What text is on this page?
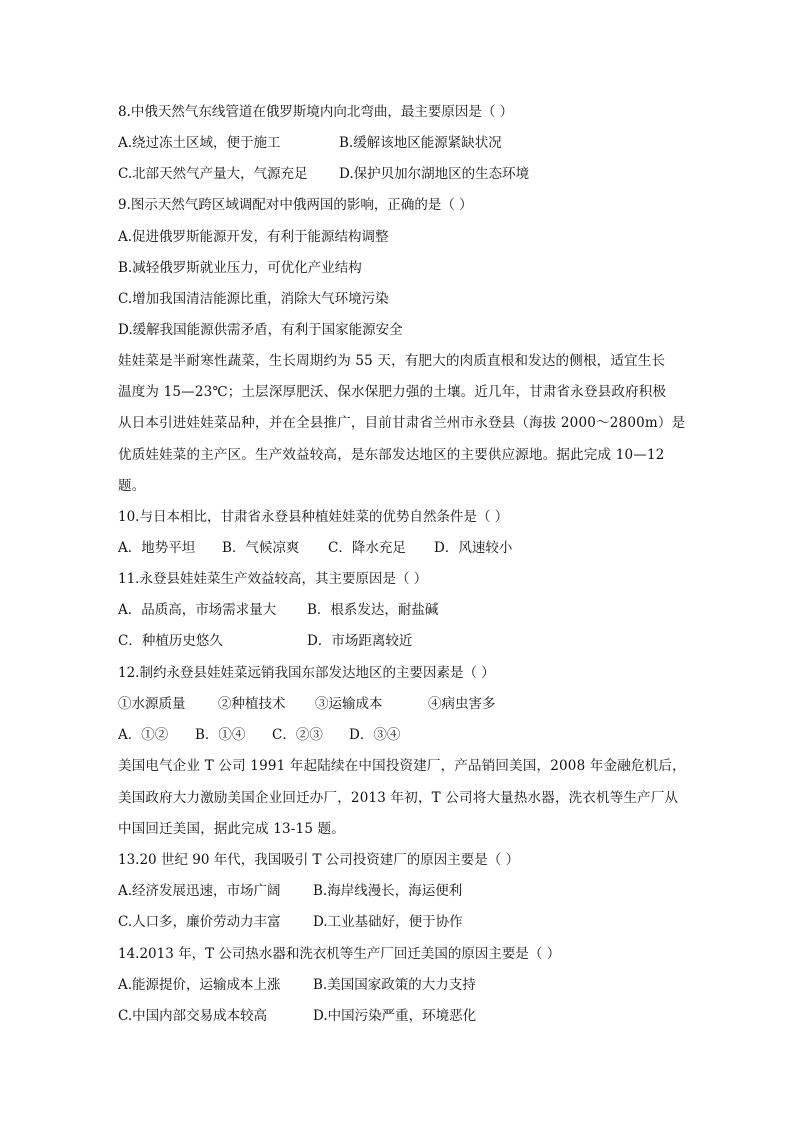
8.中俄天然气东线管道在俄罗斯境内向北弯曲，最主要原因是（ ）
A.绕过冻土区域，便于施工	B.缓解该地区能源紧缺状况
C.北部天然气产量大，气源充足 D.保护贝加尔湖地区的生态环境
9.图示天然气跨区域调配对中俄两国的影响，正确的是（ ）
A.促进俄罗斯能源开发，有利于能源结构调整
B.减轻俄罗斯就业压力，可优化产业结构
C.增加我国清洁能源比重，消除大气环境污染
D.缓解我国能源供需矛盾，有利于国家能源安全
娃娃菜是半耐寒性蔬菜，生长周期约为 55 天，有肥大的肉质直根和发达的侧根，适宜生长
温度为 15—23℃；土层深厚肥沃、保水保肥力强的土壤。近几年，甘肃省永登县政府积极
从日本引进娃娃菜品种，并在全县推广，目前甘肃省兰州市永登县（海拔 2000～2800m）是
优质娃娃菜的主产区。生产效益较高，是东部发达地区的主要供应源地。据此完成 10—12
题。
10.与日本相比，甘肃省永登县种植娃娃菜的优势自然条件是（ ）
A．地势平坦 B．气候凉爽 C．降水充足 D．风速较小
11.永登县娃娃菜生产效益较高，其主要原因是（ ）
A．品质高，市场需求量大 B．根系发达，耐盐碱
C．种植历史悠久	D．市场距离较近
12.制约永登县娃娃菜远销我国东部发达地区的主要因素是（ ）
①水源质量 ②种植技术 ③运输成本	④病虫害多
A．①② B．①④ C．②③ D．③④
美国电气企业 T 公司 1991 年起陆续在中国投资建厂，产品销回美国，2008 年金融危机后，
美国政府大力激励美国企业回迁办厂，2013 年初，T 公司将大量热水器，洗衣机等生产厂从
中国回迁美国，据此完成 13-15 题。
13.20 世纪 90 年代，我国吸引 T 公司投资建厂的原因主要是（ ）
A.经济发展迅速，市场广阔 B.海岸线漫长，海运便利
C.人口多，廉价劳动力丰富 D.工业基础好，便于协作
14.2013 年，T 公司热水器和洗衣机等生产厂回迁美国的原因主要是（ ）
A.能源提价，运输成本上涨 B.美国国家政策的大力支持
C.中国内部交易成本较高	D.中国污染严重，环境恶化
